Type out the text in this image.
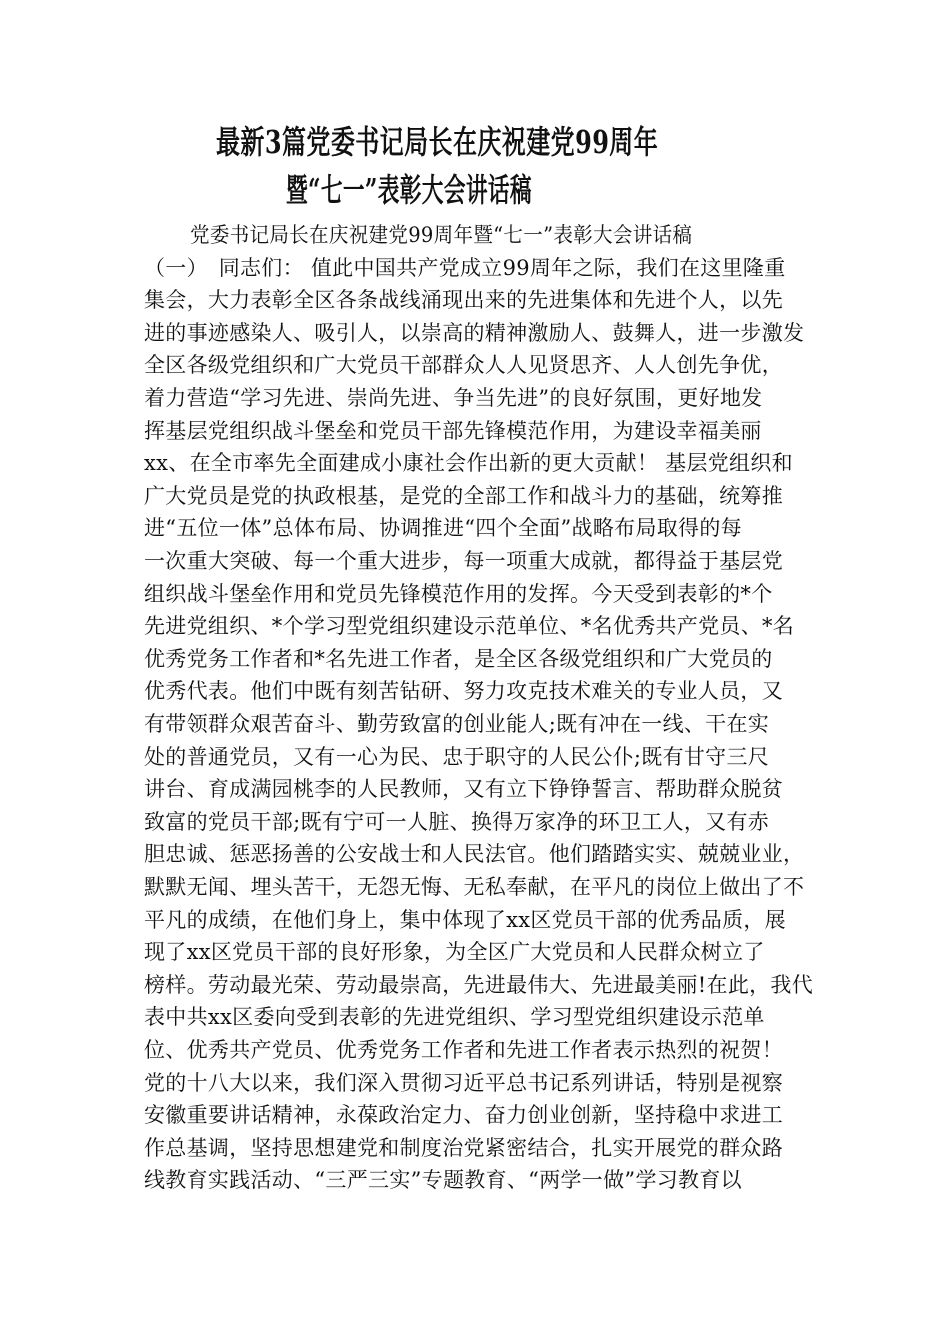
最新3篇党委书记局长在庆祝建党99周年
暨“七一”表彰大会讲话稿
党委书记局长在庆祝建党99周年暨“七一”表彰大会讲话稿
（一）　同志们： 值此中国共产党成立99周年之际，我们在这里隆重
集会，大力表彰全区各条战线涌现出来的先进集体和先进个人，以先
进的事迹感染人、吸引人，以崇高的精神激励人、鼓舞人，进一步激发
全区各级党组织和广大党员干部群众人人见贤思齐、人人创先争优，
着力营造“学习先进、崇尚先进、争当先进”的良好氛围，更好地发
挥基层党组织战斗堡垒和党员干部先锋模范作用，为建设幸福美丽
xx、在全市率先全面建成小康社会作出新的更大贡献！ 基层党组织和
广大党员是党的执政根基，是党的全部工作和战斗力的基础，统筹推
进“五位一体”总体布局、协调推进“四个全面”战略布局取得的每
一次重大突破、每一个重大进步，每一项重大成就，都得益于基层党
组织战斗堡垒作用和党员先锋模范作用的发挥。今天受到表彰的*个
先进党组织、*个学习型党组织建设示范单位、*名优秀共产党员、*名
优秀党务工作者和*名先进工作者，是全区各级党组织和广大党员的
优秀代表。他们中既有刻苦钻研、努力攻克技术难关的专业人员，又
有带领群众艰苦奋斗、勤劳致富的创业能人;既有冲在一线、干在实
处的普通党员，又有一心为民、忠于职守的人民公仆;既有甘守三尺
讲台、育成满园桃李的人民教师，又有立下铮铮誓言、帮助群众脱贫
致富的党员干部;既有宁可一人脏、换得万家净的环卫工人，又有赤
胆忠诚、惩恶扬善的公安战士和人民法官。他们踏踏实实、兢兢业业，
默默无闻、埋头苦干，无怨无悔、无私奉献，在平凡的岗位上做出了不
平凡的成绩，在他们身上，集中体现了xx区党员干部的优秀品质，展
现了xx区党员干部的良好形象，为全区广大党员和人民群众树立了
榜样。劳动最光荣、劳动最崇高，先进最伟大、先进最美丽!在此，我代
表中共xx区委向受到表彰的先进党组织、学习型党组织建设示范单
位、优秀共产党员、优秀党务工作者和先进工作者表示热烈的祝贺！
党的十八大以来，我们深入贯彻习近平总书记系列讲话，特别是视察
安徽重要讲话精神，永葆政治定力、奋力创业创新，坚持稳中求进工
作总基调，坚持思想建党和制度治党紧密结合，扎实开展党的群众路
线教育实践活动、“三严三实”专题教育、“两学一做”学习教育以
